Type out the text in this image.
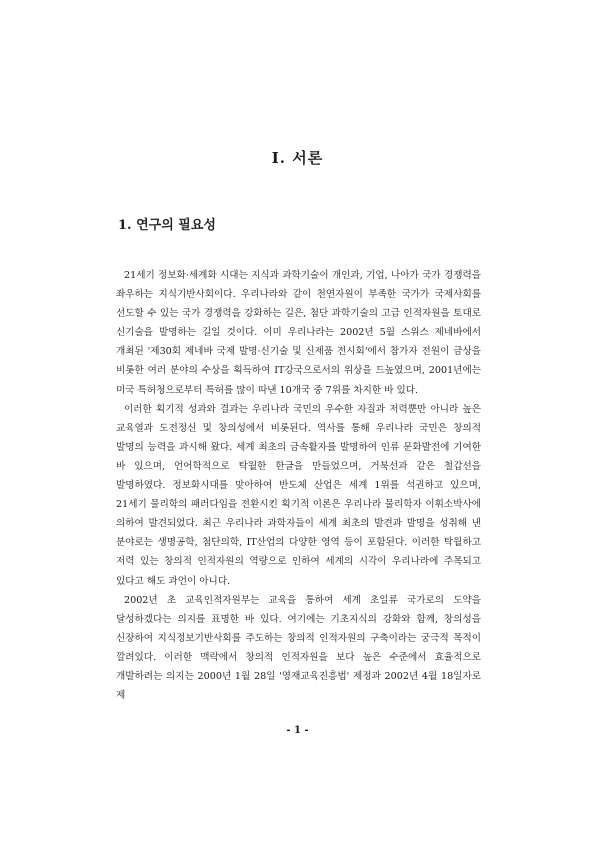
I. 서론
1. 연구의 필요성

21세기 정보화·세계화 시대는 지식과 과학기술이 개인과, 기업, 나아가 국가 경쟁력을 좌우하는 지식기반사회이다. 우리나라와 같이 천연자원이 부족한 국가가 국제사회를 선도할 수 있는 국가 경쟁력을 강화하는 길은, 첨단 과학기술의 고급 인적자원을 토대로 신기술을 발명하는 길일 것이다. 이미 우리나라는 2002년 5월 스위스 제네바에서 개최된 '제30회 제네바 국제 발명·신기술 및 신제품 전시회'에서 참가자 전원이 금상을 비롯한 여러 분야의 수상을 획득하여 IT강국으로서의 위상을 드높였으며, 2001년에는 미국 특허청으로부터 특허를 많이 따낸 10개국 중 7위를 차지한 바 있다.

이러한 획기적 성과와 결과는 우리나라 국민의 우수한 자질과 저력뿐만 아니라 높은 교육열과 도전정신 및 창의성에서 비롯된다. 역사를 통해 우리나라 국민은 창의적 발명의 능력을 과시해 왔다. 세계 최초의 금속활자를 발명하여 인류 문화발전에 기여한 바 있으며, 언어학적으로 탁월한 한글을 만들었으며, 거북선과 같은 철갑선을 발명하였다. 정보화시대를 맞아하여 반도체 산업은 세계 1위를 석권하고 있으며, 21세기 물리학의 패러다임을 전환시킨 획기적 이론은 우리나라 물리학자 이휘소박사에 의하여 발견되었다. 최근 우리나라 과학자들이 세계 최초의 발견과 발명을 성취해 낸 분야로는 생명공학, 첨단의학, IT산업의 다양한 영역 등이 포함된다. 이러한 탁월하고 저력 있는 창의적 인적자원의 역량으로 인하여 세계의 시각이 우리나라에 주목되고 있다고 해도 과언이 아니다.

2002년 초 교육인적자원부는 교육을 통하여 세계 초일류 국가로의 도약을 달성하겠다는 의지를 표명한 바 있다. 여기에는 기초지식의 강화와 함께, 창의성을 신장하여 지식정보기반사회를 주도하는 창의적 인적자원의 구축이라는 궁극적 목적이 깔려있다. 이러한 맥락에서 창의적 인적자원을 보다 높은 수준에서 효율적으로 개발하려는 의지는 2000년 1월 28일 '영재교육진흥법' 제정과 2002년 4월 18일자로 제

- 1 -
